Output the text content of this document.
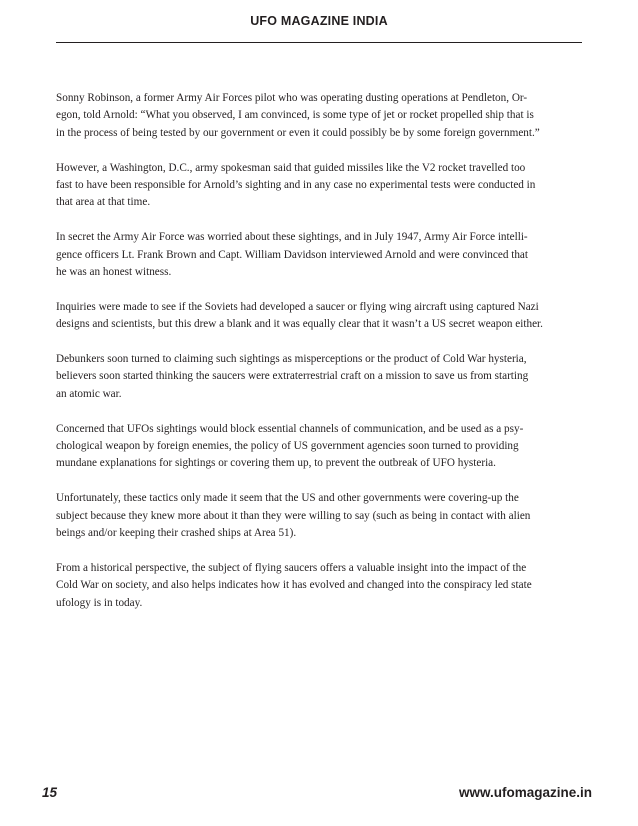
UFO MAGAZINE INDIA

Sonny Robinson, a former Army Air Forces pilot who was operating dusting operations at Pendleton, Or-
egon, told Arnold: “What you observed, I am convinced, is some type of jet or rocket propelled ship that is
in the process of being tested by our government or even it could possibly be by some foreign government.”

However, a Washington, D.C., army spokesman said that guided missiles like the V2 rocket travelled too
fast to have been responsible for Arnold’s sighting and in any case no experimental tests were conducted in
that area at that time.

In secret the Army Air Force was worried about these sightings, and in July 1947, Army Air Force intelli-
gence officers Lt. Frank Brown and Capt. William Davidson interviewed Arnold and were convinced that
he was an honest witness.

Inquiries were made to see if the Soviets had developed a saucer or flying wing aircraft using captured Nazi
designs and scientists, but this drew a blank and it was equally clear that it wasn’t a US secret weapon either.

Debunkers soon turned to claiming such sightings as misperceptions or the product of Cold War hysteria,
believers soon started thinking the saucers were extraterrestrial craft on a mission to save us from starting
an atomic war.

Concerned that UFOs sightings would block essential channels of communication, and be used as a psy-
chological weapon by foreign enemies, the policy of US government agencies soon turned to providing
mundane explanations for sightings or covering them up, to prevent the outbreak of UFO hysteria.

Unfortunately, these tactics only made it seem that the US and other governments were covering-up the
subject because they knew more about it than they were willing to say (such as being in contact with alien
beings and/or keeping their crashed ships at Area 51).

From a historical perspective, the subject of flying saucers offers a valuable insight into the impact of the
Cold War on society, and also helps indicates how it has evolved and changed into the conspiracy led state
ufology is in today.

15	www.ufomagazine.in
